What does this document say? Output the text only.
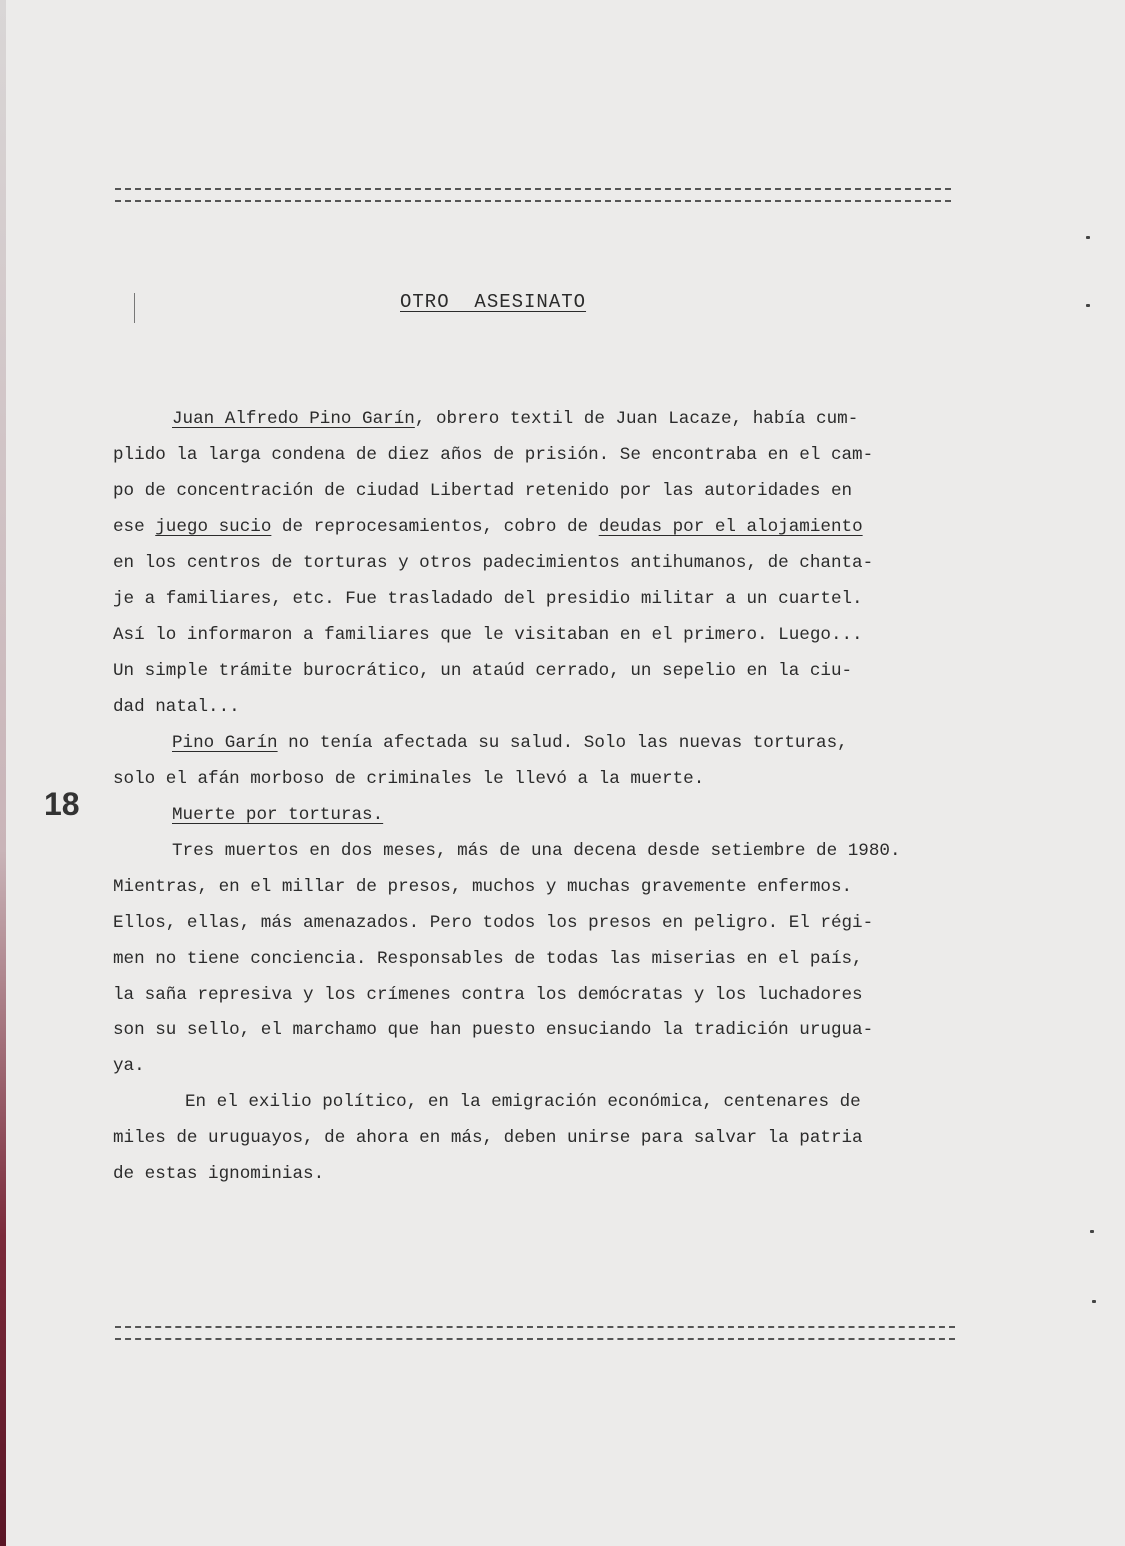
OTRO  ASESINATO
18
Juan Alfredo Pino Garín, obrero textil de Juan Lacaze, había cum-
plido la larga condena de diez años de prisión. Se encontraba en el cam-
po de concentración de ciudad Libertad retenido por las autoridades en
ese juego sucio de reprocesamientos, cobro de deudas por el alojamiento
en los centros de torturas y otros padecimientos antihumanos, de chanta-
je a familiares, etc. Fue trasladado del presidio militar a un cuartel.
Así lo informaron a familiares que le visitaban en el primero. Luego...
Un simple trámite burocrático, un ataúd cerrado, un sepelio en la ciu-
dad natal...
Pino Garín no tenía afectada su salud. Solo las nuevas torturas,
solo el afán morboso de criminales le llevó a la muerte.
Muerte por torturas.
Tres muertos en dos meses, más de una decena desde setiembre de 1980.
Mientras, en el millar de presos, muchos y muchas gravemente enfermos.
Ellos, ellas, más amenazados. Pero todos los presos en peligro. El régi-
men no tiene conciencia. Responsables de todas las miserias en el país,
la saña represiva y los crímenes contra los demócratas y los luchadores
son su sello, el marchamo que han puesto ensuciando la tradición urugua-
ya.
En el exilio político, en la emigración económica, centenares de
miles de uruguayos, de ahora en más, deben unirse para salvar la patria
de estas ignominias.
